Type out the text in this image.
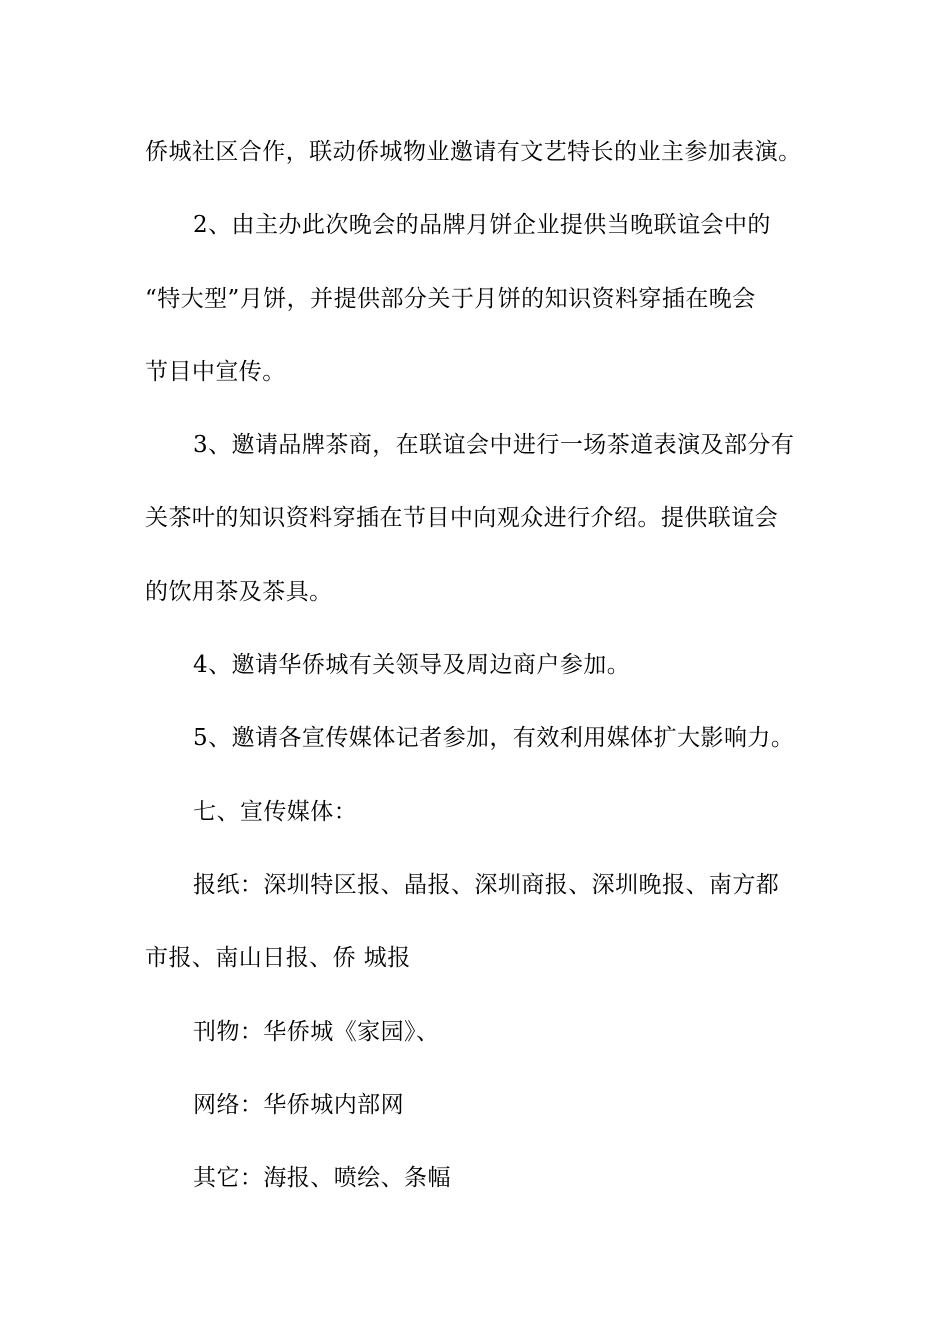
侨城社区合作，联动侨城物业邀请有文艺特长的业主参加表演。

2、由主办此次晚会的品牌月饼企业提供当晚联谊会中的

“特大型”月饼，并提供部分关于月饼的知识资料穿插在晚会

节目中宣传。

3、邀请品牌茶商，在联谊会中进行一场茶道表演及部分有

关茶叶的知识资料穿插在节目中向观众进行介绍。提供联谊会

的饮用茶及茶具。

4、邀请华侨城有关领导及周边商户参加。

5、邀请各宣传媒体记者参加，有效利用媒体扩大影响力。

七、宣传媒体：

报纸：深圳特区报、晶报、深圳商报、深圳晚报、南方都

市报、南山日报、侨 城报

刊物：华侨城《家园》、

网络：华侨城内部网

其它：海报、喷绘、条幅
